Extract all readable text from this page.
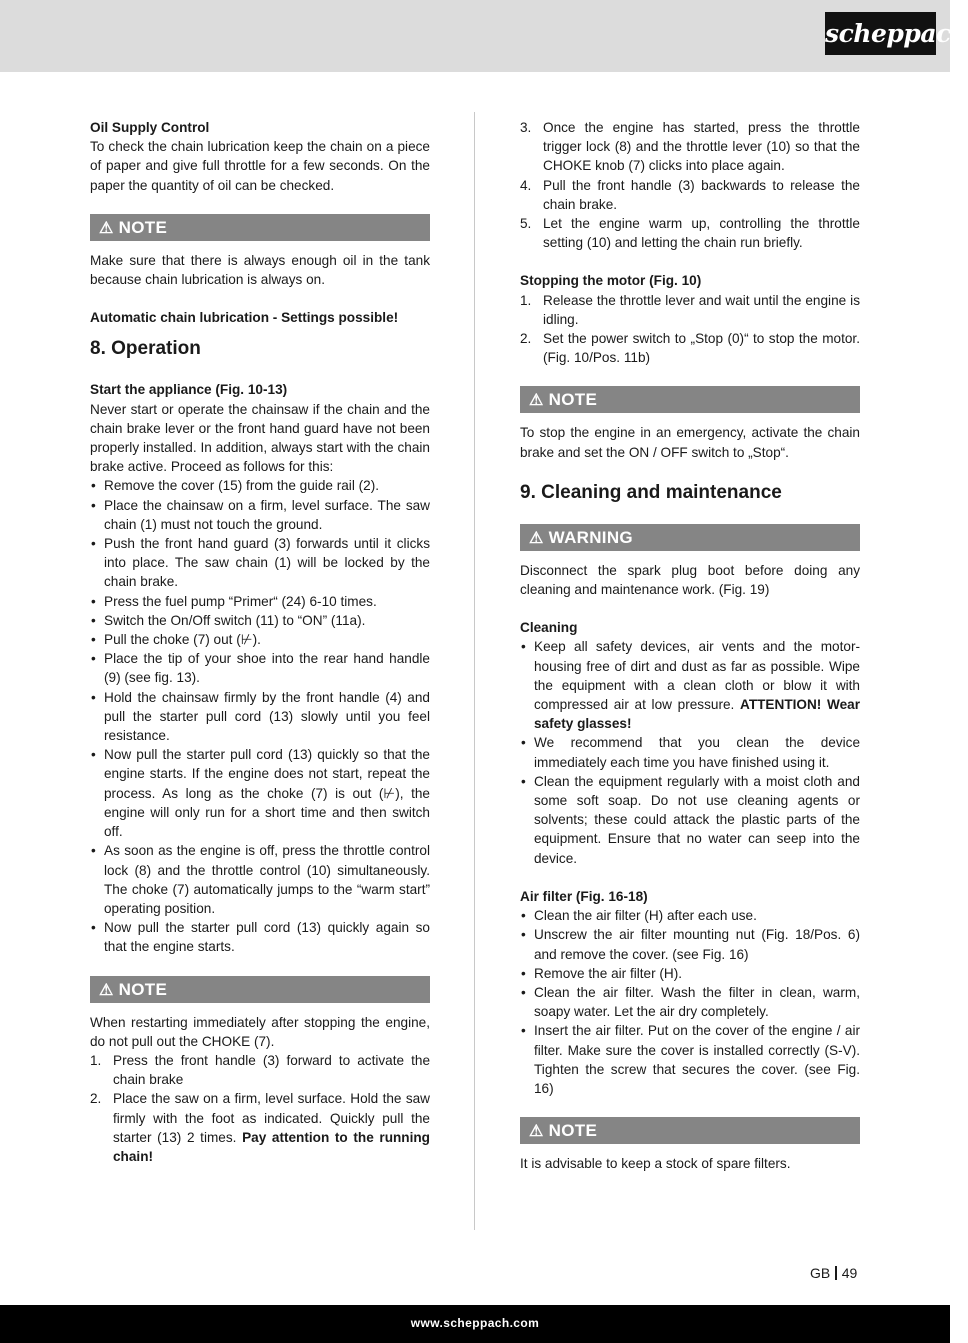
scheppach
Oil Supply Control

To check the chain lubrication keep the chain on a piece of paper and give full throttle for a few seconds. On the paper the quantity of oil can be checked.

⚠ NOTE

Make sure that there is always enough oil in the tank because chain lubrication is always on.

Automatic chain lubrication - Settings possible!
8. Operation
Start the appliance (Fig. 10-13)

Never start or operate the chainsaw if the chain and the chain brake lever or the front hand guard have not been properly installed. In addition, always start with the chain brake active. Proceed as follows for this:

• Remove the cover (15) from the guide rail (2).
• Place the chainsaw on a firm, level surface. The saw chain (1) must not touch the ground.
• Push the front hand guard (3) forwards until it clicks into place. The saw chain (1) will be locked by the chain brake.
• Press the fuel pump “Primer“ (24) 6-10 times.
• Switch the On/Off switch (11) to “ON” (11a).
• Pull the choke (7) out (⊬).
• Place the tip of your shoe into the rear hand handle (9) (see fig. 13).
• Hold the chainsaw firmly by the front handle (4) and pull the starter pull cord (13) slowly until you feel resistance.
• Now pull the starter pull cord (13) quickly so that the engine starts. If the engine does not start, repeat the process. As long as the choke (7) is out (⊬), the engine will only run for a short time and then switch off.
• As soon as the engine is off, press the throttle control lock (8) and the throttle control (10) simultaneously. The choke (7) automatically jumps to the “warm start” operating position.
• Now pull the starter pull cord (13) quickly again so that the engine starts.
⚠ NOTE

When restarting immediately after stopping the engine, do not pull out the CHOKE (7).

1. Press the front handle (3) forward to activate the chain brake
2. Place the saw on a firm, level surface. Hold the saw firmly with the foot as indicated. Quickly pull the starter (13) 2 times. Pay attention to the running chain!
3. Once the engine has started, press the throttle trigger lock (8) and the throttle lever (10) so that the CHOKE knob (7) clicks into place again.
4. Pull the front handle (3) backwards to release the chain brake.
5. Let the engine warm up, controlling the throttle setting (10) and letting the chain run briefly.
Stopping the motor (Fig. 10)
1. Release the throttle lever and wait until the engine is idling.
2. Set the power switch to „Stop (0)“ to stop the motor. (Fig. 10/Pos. 11b)
⚠ NOTE

To stop the engine in an emergency, activate the chain brake and set the ON / OFF switch to „Stop“.

9. Cleaning and maintenance
⚠ WARNING

Disconnect the spark plug boot before doing any cleaning and maintenance work. (Fig. 19)

Cleaning
• Keep all safety devices, air vents and the motor-housing free of dirt and dust as far as possible. Wipe the equipment with a clean cloth or blow it with compressed air at low pressure. ATTENTION! Wear safety glasses!
• We recommend that you clean the device immediately each time you have finished using it.
• Clean the equipment regularly with a moist cloth and some soft soap. Do not use cleaning agents or solvents; these could attack the plastic parts of the equipment. Ensure that no water can seep into the device.
Air filter (Fig. 16-18)
• Clean the air filter (H) after each use.
• Unscrew the air filter mounting nut (Fig. 18/Pos. 6) and remove the cover. (see Fig. 16)
• Remove the air filter (H).
• Clean the air filter. Wash the filter in clean, warm, soapy water. Let the air dry completely.
• Insert the air filter. Put on the cover of the engine / air filter. Make sure the cover is installed correctly (S-V). Tighten the screw that secures the cover. (see Fig. 16)
⚠ NOTE

It is advisable to keep a stock of spare filters.

GB 49
www.scheppach.com
